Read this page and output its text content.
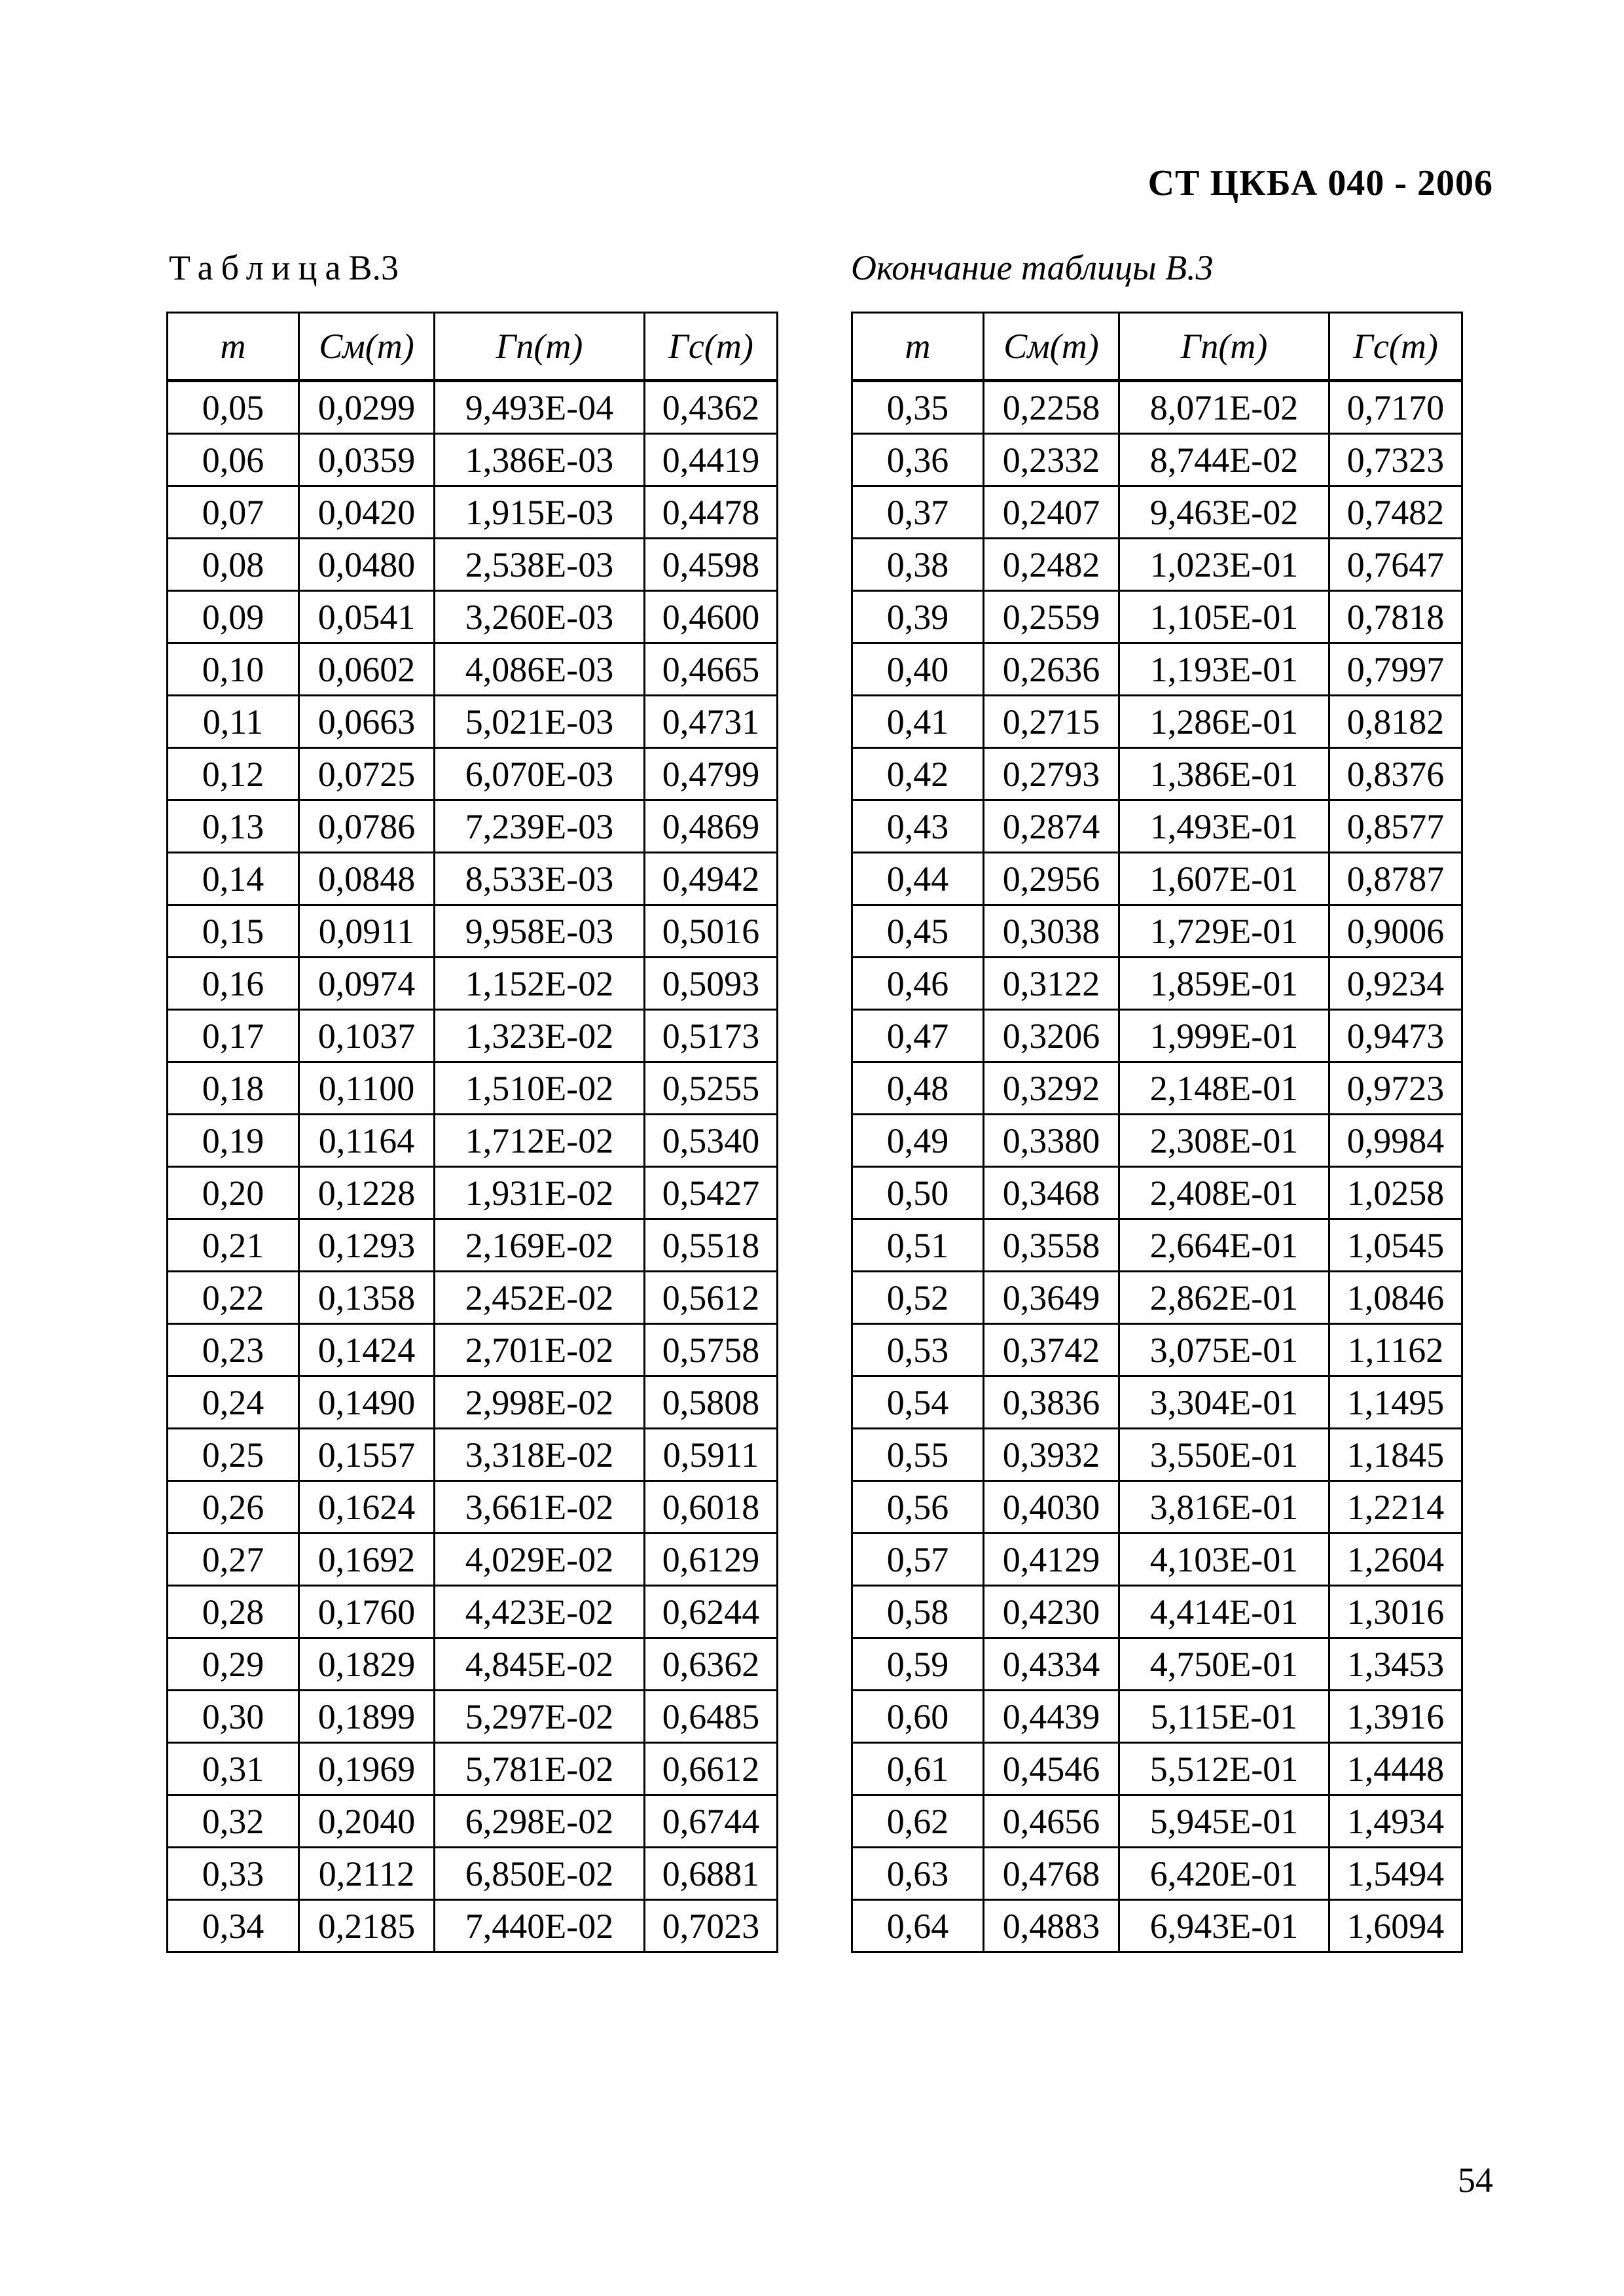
СТ ЦКБА 040 - 2006
ТаблицаВ.3	Окончание таблицы В.3
m	Cм(m)	Гп(m)	Гс(m)
0,05	0,0299	9,493E-04	0,4362
0,06	0,0359	1,386E-03	0,4419
0,07	0,0420	1,915E-03	0,4478
0,08	0,0480	2,538E-03	0,4598
0,09	0,0541	3,260E-03	0,4600
0,10	0,0602	4,086E-03	0,4665
0,11	0,0663	5,021E-03	0,4731
0,12	0,0725	6,070E-03	0,4799
0,13	0,0786	7,239E-03	0,4869
0,14	0,0848	8,533E-03	0,4942
0,15	0,0911	9,958E-03	0,5016
0,16	0,0974	1,152E-02	0,5093
0,17	0,1037	1,323E-02	0,5173
0,18	0,1100	1,510E-02	0,5255
0,19	0,1164	1,712E-02	0,5340
0,20	0,1228	1,931E-02	0,5427
0,21	0,1293	2,169E-02	0,5518
0,22	0,1358	2,452E-02	0,5612
0,23	0,1424	2,701E-02	0,5758
0,24	0,1490	2,998E-02	0,5808
0,25	0,1557	3,318E-02	0,5911
0,26	0,1624	3,661E-02	0,6018
0,27	0,1692	4,029E-02	0,6129
0,28	0,1760	4,423E-02	0,6244
0,29	0,1829	4,845E-02	0,6362
0,30	0,1899	5,297E-02	0,6485
0,31	0,1969	5,781E-02	0,6612
0,32	0,2040	6,298E-02	0,6744
0,33	0,2112	6,850E-02	0,6881
0,34	0,2185	7,440E-02	0,7023
m	Cм(m)	Гп(m)	Гс(m)
0,35	0,2258	8,071E-02	0,7170
0,36	0,2332	8,744E-02	0,7323
0,37	0,2407	9,463E-02	0,7482
0,38	0,2482	1,023E-01	0,7647
0,39	0,2559	1,105E-01	0,7818
0,40	0,2636	1,193E-01	0,7997
0,41	0,2715	1,286E-01	0,8182
0,42	0,2793	1,386E-01	0,8376
0,43	0,2874	1,493E-01	0,8577
0,44	0,2956	1,607E-01	0,8787
0,45	0,3038	1,729E-01	0,9006
0,46	0,3122	1,859E-01	0,9234
0,47	0,3206	1,999E-01	0,9473
0,48	0,3292	2,148E-01	0,9723
0,49	0,3380	2,308E-01	0,9984
0,50	0,3468	2,408E-01	1,0258
0,51	0,3558	2,664E-01	1,0545
0,52	0,3649	2,862E-01	1,0846
0,53	0,3742	3,075E-01	1,1162
0,54	0,3836	3,304E-01	1,1495
0,55	0,3932	3,550E-01	1,1845
0,56	0,4030	3,816E-01	1,2214
0,57	0,4129	4,103E-01	1,2604
0,58	0,4230	4,414E-01	1,3016
0,59	0,4334	4,750E-01	1,3453
0,60	0,4439	5,115E-01	1,3916
0,61	0,4546	5,512E-01	1,4448
0,62	0,4656	5,945E-01	1,4934
0,63	0,4768	6,420E-01	1,5494
0,64	0,4883	6,943E-01	1,6094
54
